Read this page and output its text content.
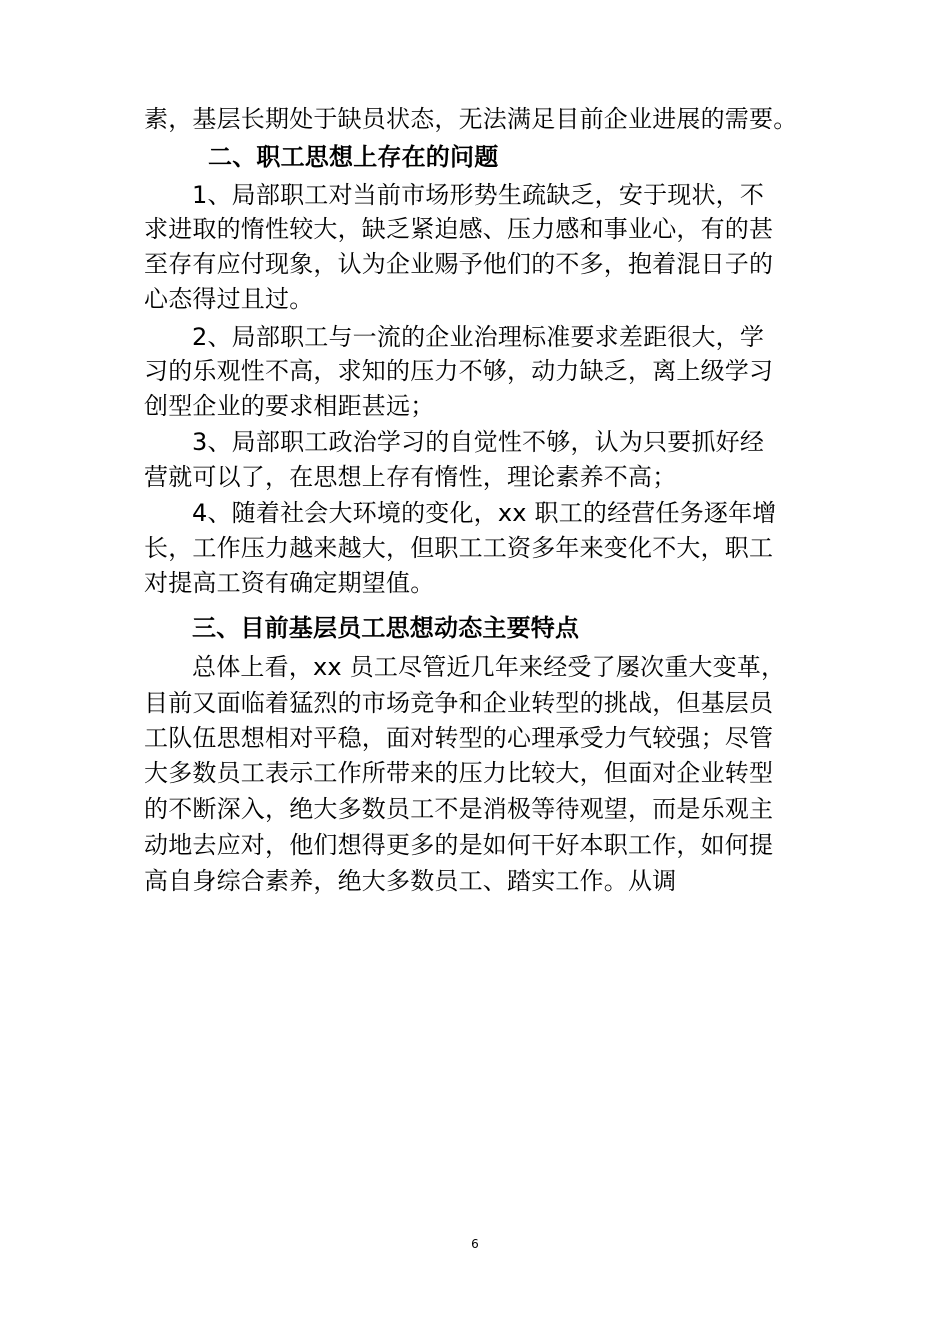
素，基层长期处于缺员状态，无法满足目前企业进展的需要。
二、职工思想上存在的问题
1、局部职工对当前市场形势生疏缺乏，安于现状，不
求进取的惰性较大，缺乏紧迫感、压力感和事业心，有的甚
至存有应付现象，认为企业赐予他们的不多，抱着混日子的
心态得过且过。
2、局部职工与一流的企业治理标准要求差距很大，学
习的乐观性不高，求知的压力不够，动力缺乏，离上级学习
创型企业的要求相距甚远；
3、局部职工政治学习的自觉性不够，认为只要抓好经
营就可以了，在思想上存有惰性，理论素养不高；
4、随着社会大环境的变化，xx 职工的经营任务逐年增
长，工作压力越来越大，但职工工资多年来变化不大，职工
对提高工资有确定期望值。
三、目前基层员工思想动态主要特点
总体上看，xx 员工尽管近几年来经受了屡次重大变革，
目前又面临着猛烈的市场竞争和企业转型的挑战，但基层员
工队伍思想相对平稳，面对转型的心理承受力气较强；尽管
大多数员工表示工作所带来的压力比较大，但面对企业转型
的不断深入，绝大多数员工不是消极等待观望，而是乐观主
动地去应对，他们想得更多的是如何干好本职工作，如何提
高自身综合素养，绝大多数员工、踏实工作。从调
6
